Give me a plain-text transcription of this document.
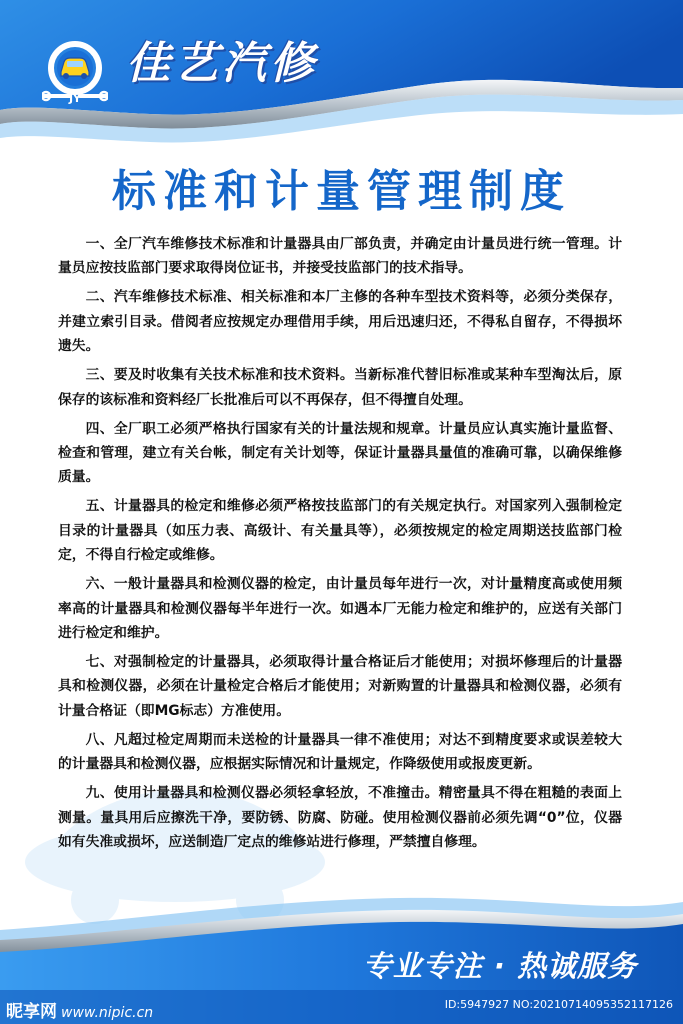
JY
佳艺汽修
标准和计量管理制度

一、全厂汽车维修技术标准和计量器具由厂部负责，并确定由计量员进行统一管理。计量员应按技监部门要求取得岗位证书，并接受技监部门的技术指导。

二、汽车维修技术标准、相关标准和本厂主修的各种车型技术资料等，必须分类保存，并建立索引目录。借阅者应按规定办理借用手续，用后迅速归还，不得私自留存，不得损坏遗失。

三、要及时收集有关技术标准和技术资料。当新标准代替旧标准或某种车型淘汰后，原保存的该标准和资料经厂长批准后可以不再保存，但不得擅自处理。

四、全厂职工必须严格执行国家有关的计量法规和规章。计量员应认真实施计量监督、检查和管理，建立有关台帐，制定有关计划等，保证计量器具量值的准确可靠，以确保维修质量。

五、计量器具的检定和维修必须严格按技监部门的有关规定执行。对国家列入强制检定目录的计量器具（如压力表、高级计、有关量具等），必须按规定的检定周期送技监部门检定，不得自行检定或维修。

六、一般计量器具和检测仪器的检定，由计量员每年进行一次，对计量精度高或使用频率高的计量器具和检测仪器每半年进行一次。如遇本厂无能力检定和维护的，应送有关部门进行检定和维护。

七、对强制检定的计量器具，必须取得计量合格证后才能使用；对损坏修理后的计量器具和检测仪器，必须在计量检定合格后才能使用；对新购置的计量器具和检测仪器，必须有计量合格证（即MG标志）方准使用。

八、凡超过检定周期而未送检的计量器具一律不准使用；对达不到精度要求或误差较大的计量器具和检测仪器，应根据实际情况和计量规定，作降级使用或报废更新。

九、使用计量器具和检测仪器必须轻拿轻放，不准撞击。精密量具不得在粗糙的表面上测量。量具用后应擦洗干净，要防锈、防腐、防碰。使用检测仪器前必须先调“0”位，仪器如有失准或损坏，应送制造厂定点的维修站进行修理，严禁擅自修理。

专业专注 · 热诚服务
昵享网 www.nipic.cn
ID:5947927 NO:20210714095352117126
